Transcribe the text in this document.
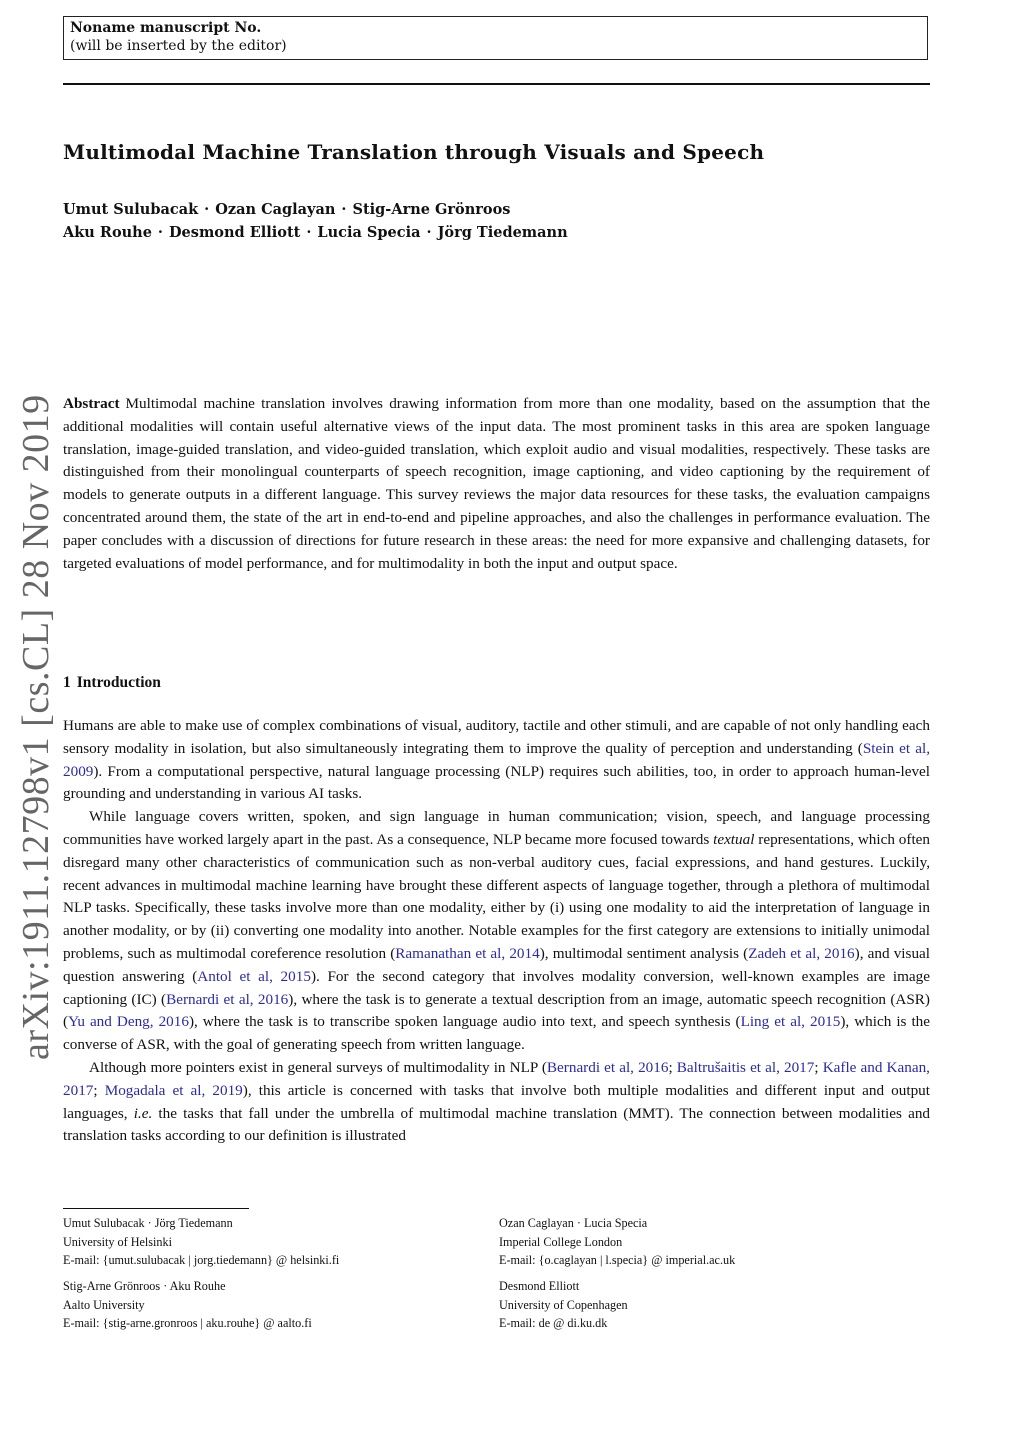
Noname manuscript No.
(will be inserted by the editor)
Multimodal Machine Translation through Visuals and Speech
Umut Sulubacak · Ozan Caglayan · Stig-Arne Grönroos
Aku Rouhe · Desmond Elliott · Lucia Specia · Jörg Tiedemann
arXiv:1911.12798v1 [cs.CL] 28 Nov 2019 Abstract Multimodal machine translation involves drawing information from more than one modality, based on the assumption that the additional modalities will contain useful alternative views of the input data. The most prominent tasks in this area are spoken language translation, image-guided translation, and video-guided translation, which exploit audio and visual modalities, respectively. These tasks are distinguished from their monolingual counterparts of speech recognition, image captioning, and video captioning by the requirement of models to generate outputs in a different language. This survey reviews the major data resources for these tasks, the evaluation campaigns concentrated around them, the state of the art in end-to-end and pipeline approaches, and also the challenges in performance evaluation. The paper concludes with a discussion of directions for future research in these areas: the need for more expansive and challenging datasets, for targeted evaluations of model performance, and for multimodality in both the input and output space.
1 Introduction

Humans are able to make use of complex combinations of visual, auditory, tactile and other stimuli, and are capable of not only handling each sensory modality in isolation, but also simultaneously integrating them to improve the quality of perception and understanding (Stein et al, 2009). From a computational perspective, natural language processing (NLP) requires such abilities, too, in order to approach human-level grounding and understanding in various AI tasks.

While language covers written, spoken, and sign language in human communication; vision, speech, and language processing communities have worked largely apart in the past. As a consequence, NLP became more focused towards textual representations, which often disregard many other characteristics of communication such as non-verbal auditory cues, facial expressions, and hand gestures. Luckily, recent advances in multimodal machine learning have brought these different aspects of language together, through a plethora of multimodal NLP tasks. Specifically, these tasks involve more than one modality, either by (i) using one modality to aid the interpretation of language in another modality, or by (ii) converting one modality into another. Notable examples for the first category are extensions to initially unimodal problems, such as multimodal coreference resolution (Ramanathan et al, 2014), multimodal sentiment analysis (Zadeh et al, 2016), and visual question answering (Antol et al, 2015). For the second category that involves modality conversion, well-known examples are image captioning (IC) (Bernardi et al, 2016), where the task is to generate a textual description from an image, automatic speech recognition (ASR) (Yu and Deng, 2016), where the task is to transcribe spoken language audio into text, and speech synthesis (Ling et al, 2015), which is the converse of ASR, with the goal of generating speech from written language.

Although more pointers exist in general surveys of multimodality in NLP (Bernardi et al, 2016; Baltrušaitis et al, 2017; Kafle and Kanan, 2017; Mogadala et al, 2019), this article is concerned with tasks that involve both multiple modalities and different input and output languages, i.e. the tasks that fall under the umbrella of multimodal machine translation (MMT). The connection between modalities and translation tasks according to our definition is illustrated

Umut Sulubacak · Jörg Tiedemann
University of Helsinki
E-mail: {umut.sulubacak | jorg.tiedemann} @ helsinki.fi
Ozan Caglayan · Lucia Specia
Imperial College London
E-mail: {o.caglayan | l.specia} @ imperial.ac.uk
Stig-Arne Grönroos · Aku Rouhe
Aalto University
E-mail: {stig-arne.gronroos | aku.rouhe} @ aalto.fi
Desmond Elliott
University of Copenhagen
E-mail: de @ di.ku.dk
